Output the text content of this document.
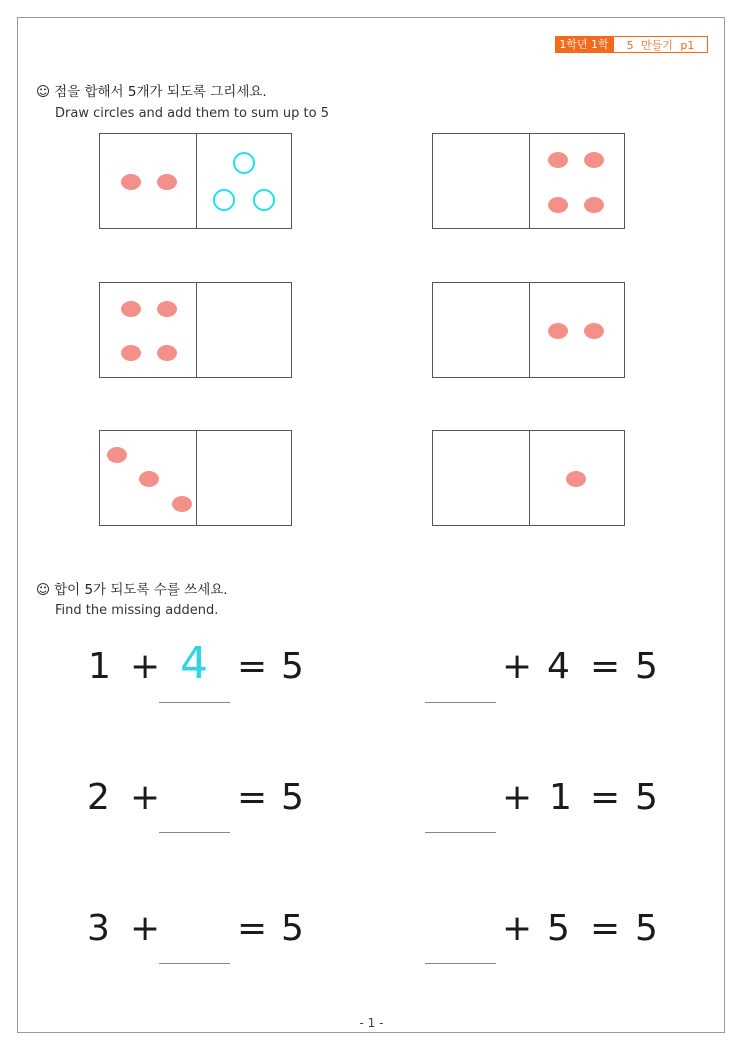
1학년 1학기
5 만들기 p1
☺ 점을 합해서 5개가 되도록 그리세요.
Draw circles and add them to sum up to 5
☺ 합이 5가 되도록 수를 쓰세요.
Find the missing addend.
1 + 4 = 5	+ 4 = 5
2 + = 5	+ 1 = 5
3 + = 5	+ 5 = 5
- 1 -
